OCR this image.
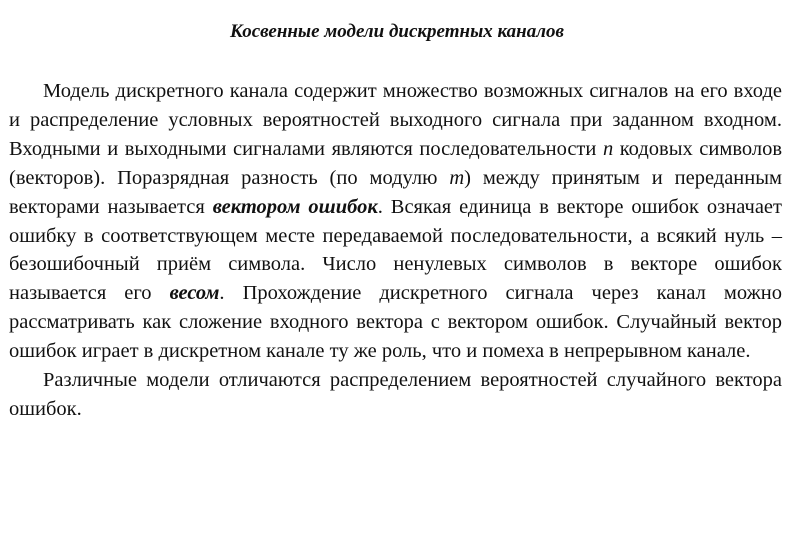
Косвенные модели дискретных каналов

Модель дискретного канала содержит множество возможных сигналов на его входе и распределение условных вероятностей выходного сигнала при заданном входном. Входными и выходными сигналами являются последовательности n кодовых символов (векторов). Поразрядная разность (по модулю m) между принятым и переданным векторами называется вектором ошибок. Всякая единица в векторе ошибок означает ошибку в соответствующем месте передаваемой последовательности, а всякий нуль – безошибочный приём символа. Число ненулевых символов в векторе ошибок называется его весом. Прохождение дискретного сигнала через канал можно рассматривать как сложение входного вектора с вектором ошибок. Случайный вектор ошибок играет в дискретном канале ту же роль, что и помеха в непрерывном канале.

Различные модели отличаются распределением вероятностей случайного вектора ошибок.
